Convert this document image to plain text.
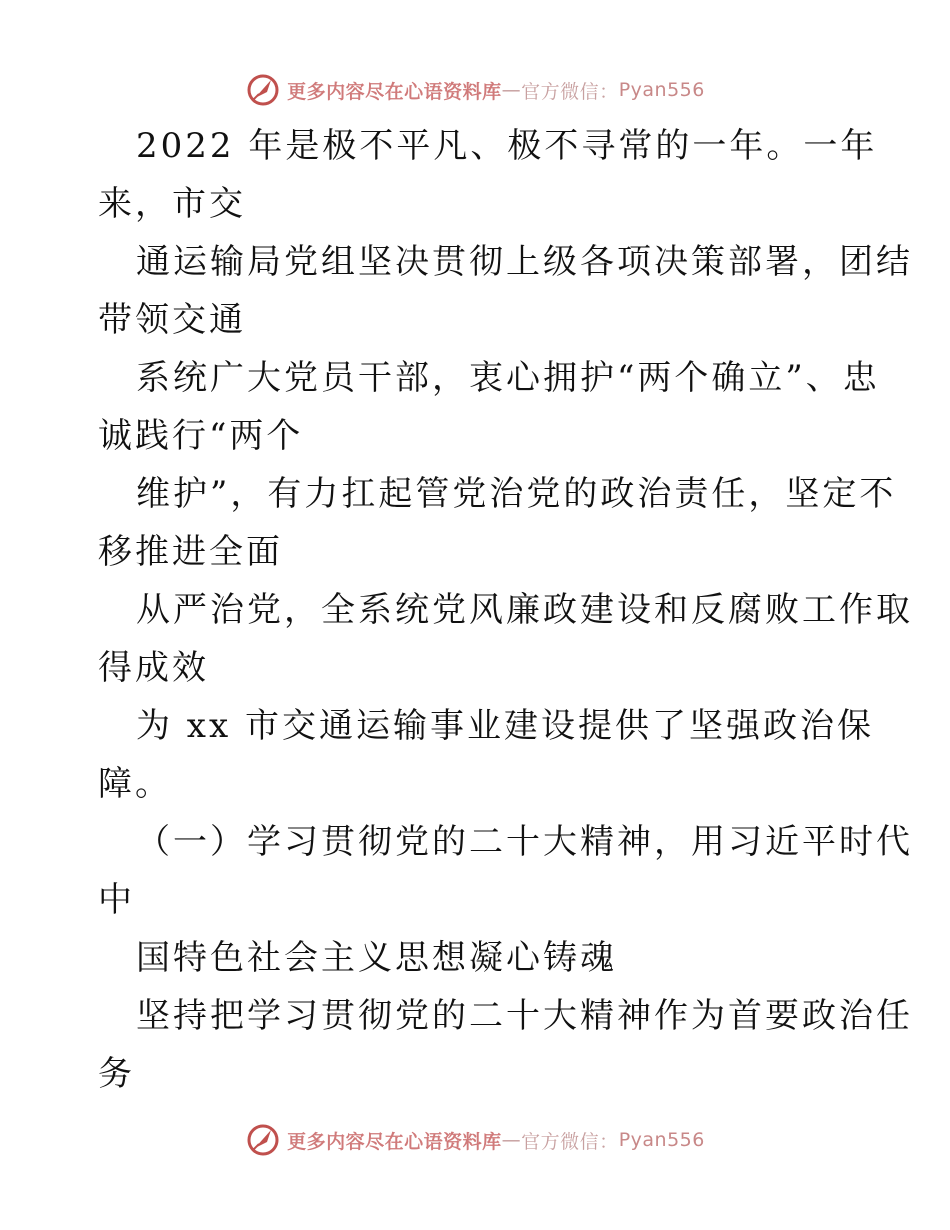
更多内容尽在心语资料库 — 官方微信： Pyan556

2022 年是极不平凡、极不寻常的一年。一年

来，市交

通运输局党组坚决贯彻上级各项决策部署，团结

带领交通

系统广大党员干部，衷心拥护“两个确立”、忠

诚践行“两个

维护”，有力扛起管党治党的政治责任，坚定不

移推进全面

从严治党，全系统党风廉政建设和反腐败工作取

得成效

为 xx 市交通运输事业建设提供了坚强政治保

障。

（一）学习贯彻党的二十大精神，用习近平时代

中

国特色社会主义思想凝心铸魂

坚持把学习贯彻党的二十大精神作为首要政治任

务

更多内容尽在心语资料库 — 官方微信： Pyan556
